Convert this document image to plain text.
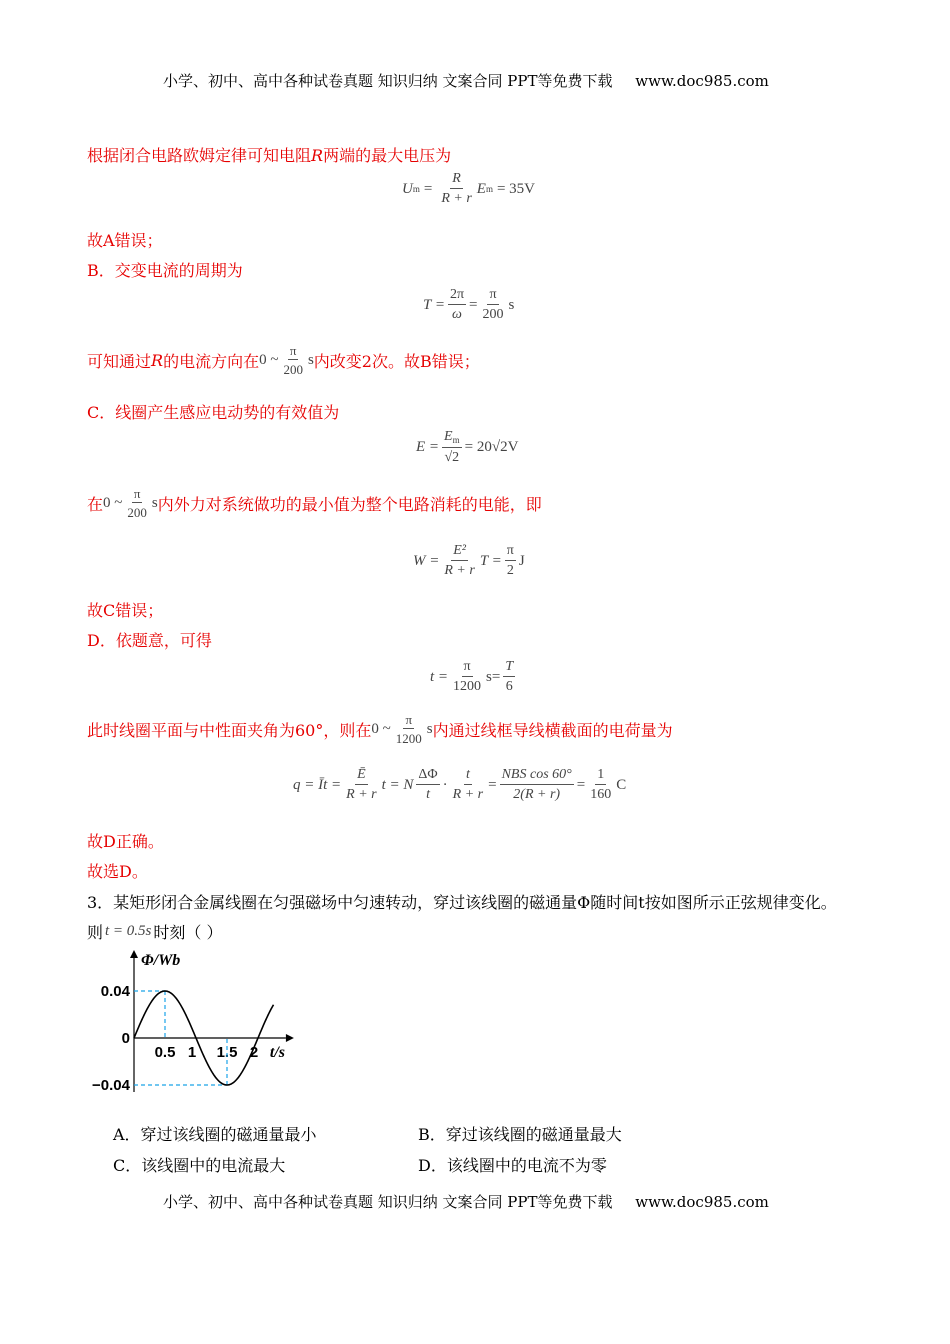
小学、初中、高中各种试卷真题 知识归纳 文案合同 PPT等免费下载 www.doc985.com
根据闭合电路欧姆定律可知电阻R两端的最大电压为
U $m = \frac{R}{R + r}$ E m = 35V
故A错误；
B．交变电流的周期为
$T = \frac{2\pi}{\omega} = \frac{\pi}{200}$ s
可知通过 R 的电流方向在 0 ~ $\frac{\pi}{200}$ s 内改变2次。故B错误；
C．线圈产生感应电动势的有效值为
$E = \frac{E_m}{√2} = 20√2V$
在 0 ~ $\frac{\pi}{200}$ s 内外力对系统做功的最小值为整个电路消耗的电能，即
$W = \frac{\text{E²}}{R + r}$ $T = \frac{\pi}{2}$ J
故C错误；
D．依题意，可得
$t = \frac{\pi}{1200} s= \frac{T}{6}$
此时线圈平面与中性面夹角为60°，则在 0 ~ $\frac{\pi}{1200}$ s 内通过线框导线横截面的电荷量为
q = Īt = $\frac{Ē}{R + r}$ t = N $\frac{\Delta\Phi}{t} \cdot \frac{t}{R + r} = \frac{\text{NBS cos 60°}}{2(R + r)} = \frac{1}{160}$ C
故D正确。
故选D。
3．某矩形闭合金属线圈在匀强磁场中匀速转动，穿过该线圈的磁通量Φ随时间t按如图所示正弦规律变化。
则 t = 0.5s 时刻（ ）
Φ/Wb
t/s
0.04
0
−0.04
0.5 1 1.5 2
A．穿过该线圈的磁通量最小	B．穿过该线圈的磁通量最大
C．该线圈中的电流最大	D．该线圈中的电流不为零
小学、初中、高中各种试卷真题 知识归纳 文案合同 PPT等免费下载 www.doc985.com
